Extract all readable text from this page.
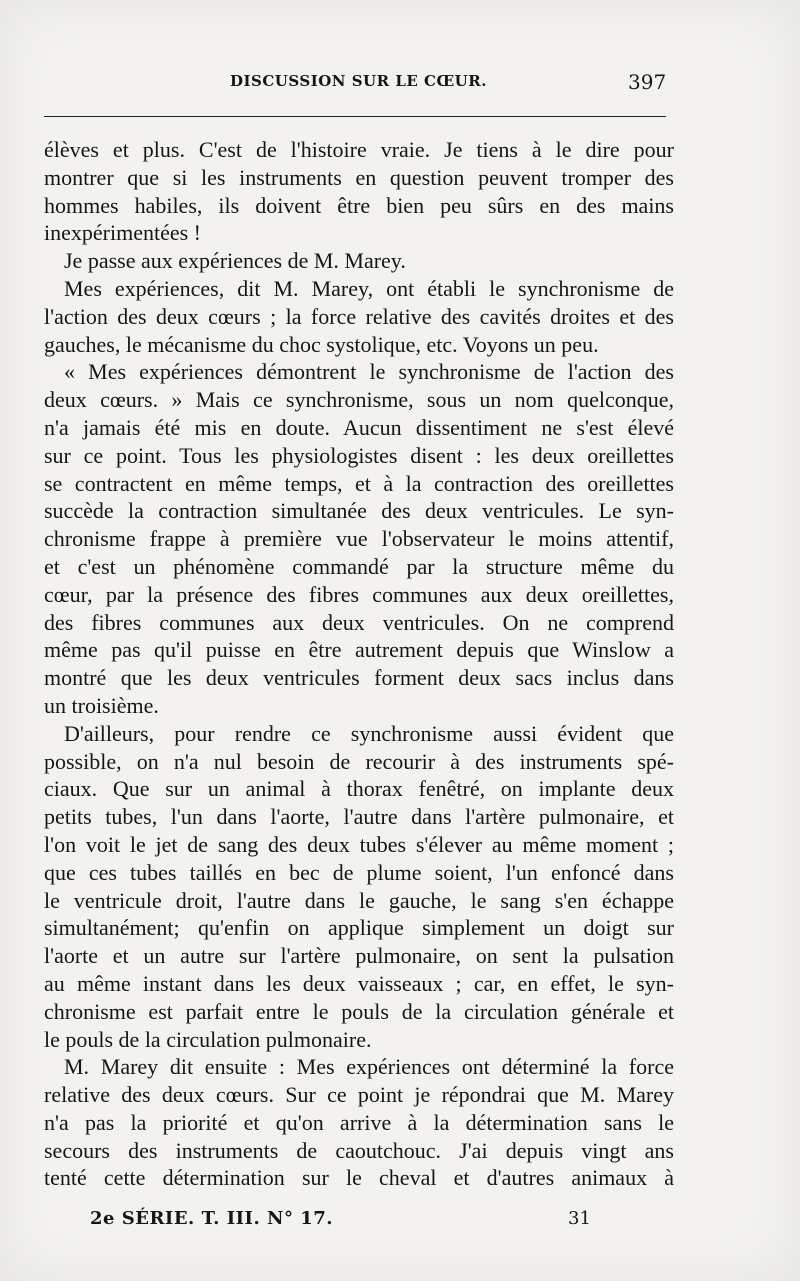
DISCUSSION SUR LE CŒUR.	397
élèves et plus. C'est de l'histoire vraie. Je tiens à le dire pour
montrer que si les instruments en question peuvent tromper des
hommes habiles, ils doivent être bien peu sûrs en des mains
inexpérimentées !
Je passe aux expériences de M. Marey.
Mes expériences, dit M. Marey, ont établi le synchronisme de
l'action des deux cœurs ; la force relative des cavités droites et des
gauches, le mécanisme du choc systolique, etc. Voyons un peu.
« Mes expériences démontrent le synchronisme de l'action des
deux cœurs. » Mais ce synchronisme, sous un nom quelconque,
n'a jamais été mis en doute. Aucun dissentiment ne s'est élevé
sur ce point. Tous les physiologistes disent : les deux oreillettes
se contractent en même temps, et à la contraction des oreillettes
succède la contraction simultanée des deux ventricules. Le syn-
chronisme frappe à première vue l'observateur le moins attentif,
et c'est un phénomène commandé par la structure même du
cœur, par la présence des fibres communes aux deux oreillettes,
des fibres communes aux deux ventricules. On ne comprend
même pas qu'il puisse en être autrement depuis que Winslow a
montré que les deux ventricules forment deux sacs inclus dans
un troisième.
D'ailleurs, pour rendre ce synchronisme aussi évident que
possible, on n'a nul besoin de recourir à des instruments spé-
ciaux. Que sur un animal à thorax fenêtré, on implante deux
petits tubes, l'un dans l'aorte, l'autre dans l'artère pulmonaire, et
l'on voit le jet de sang des deux tubes s'élever au même moment ;
que ces tubes taillés en bec de plume soient, l'un enfoncé dans
le ventricule droit, l'autre dans le gauche, le sang s'en échappe
simultanément; qu'enfin on applique simplement un doigt sur
l'aorte et un autre sur l'artère pulmonaire, on sent la pulsation
au même instant dans les deux vaisseaux ; car, en effet, le syn-
chronisme est parfait entre le pouls de la circulation générale et
le pouls de la circulation pulmonaire.
M. Marey dit ensuite : Mes expériences ont déterminé la force
relative des deux cœurs. Sur ce point je répondrai que M. Marey
n'a pas la priorité et qu'on arrive à la détermination sans le
secours des instruments de caoutchouc. J'ai depuis vingt ans
tenté cette détermination sur le cheval et d'autres animaux à
2e SÉRIE. T. III. N° 17.	31
